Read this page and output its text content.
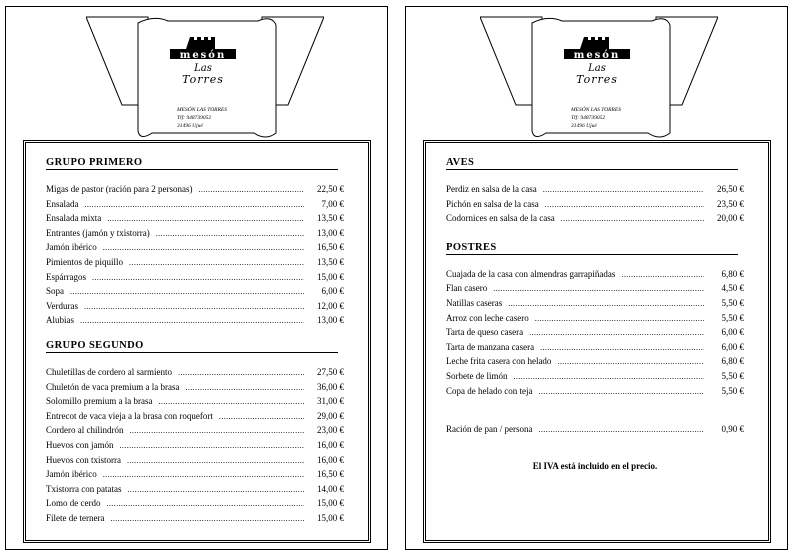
mesón
Las
Torres
MESÓN LAS TORRES
Tlf: 948739052
31496 Ujué
GRUPO PRIMERO
Migas de pastor (ración para 2 personas) .....	22,50 €
Ensalada .....	7,00 €
Ensalada mixta .....	13,50 €
Entrantes (jamón y txistorra) .....	13,00 €
Jamón ibérico .....	16,50 €
Pimientos de piquillo .....	13,50 €
Espárragos .....	15,00 €
Sopa .....	6,00 €
Verduras .....	12,00 €
Alubias .....	13,00 €
GRUPO SEGUNDO
Chuletillas de cordero al sarmiento .....	27,50 €
Chuletón de vaca premium a la brasa .....	36,00 €
Solomillo premium a la brasa .....	31,00 €
Entrecot de vaca vieja a la brasa con roquefort .....	29,00 €
Cordero al chilindrón .....	23,00 €
Huevos con jamón .....	16,00 €
Huevos con txistorra .....	16,00 €
Jamón ibérico .....	16,50 €
Txistorra con patatas .....	14,00 €
Lomo de cerdo .....	15,00 €
Filete de ternera .....	15,00 €
mesón
Las
Torres
MESÓN LAS TORRES
Tlf: 948739052
31496 Ujué
AVES
Perdiz en salsa de la casa .....	26,50 €
Pichón en salsa de la casa .....	23,50 €
Codornices en salsa de la casa .....	20,00 €
POSTRES
Cuajada de la casa con almendras garrapiñadas .....	6,80 €
Flan casero .....	4,50 €
Natillas caseras .....	5,50 €
Arroz con leche casero .....	5,50 €
Tarta de queso casera .....	6,00 €
Tarta de manzana casera .....	6,00 €
Leche frita casera con helado .....	6,80 €
Sorbete de limón .....	5,50 €
Copa de helado con teja .....	5,50 €
Ración de pan / persona .....	0,90 €
El IVA está incluido en el precio.
